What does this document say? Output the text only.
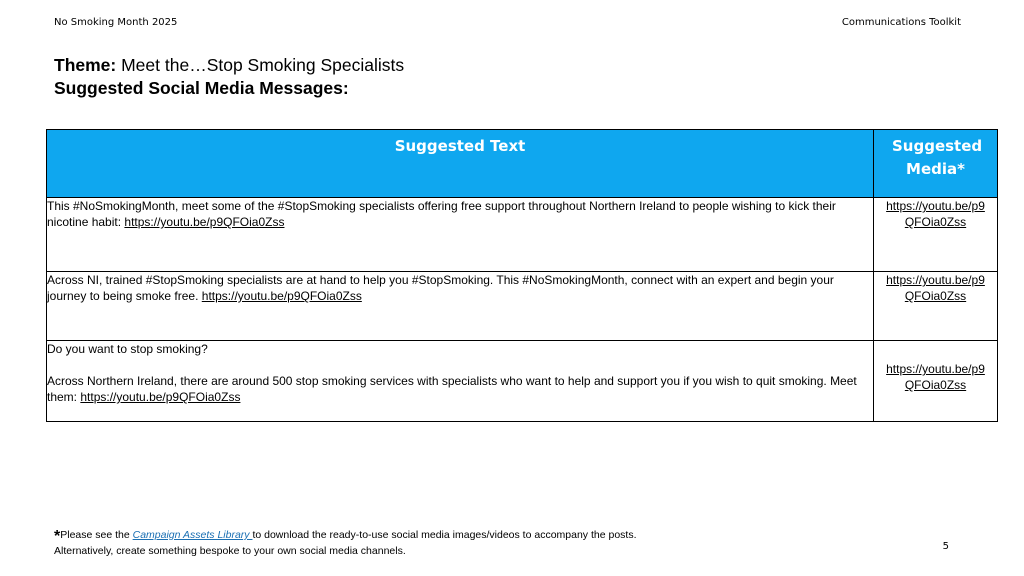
No Smoking Month 2025	Communications Toolkit
Theme: Meet the…Stop Smoking Specialists
Suggested Social Media Messages:
Suggested Text	Suggested
Media*

This #NoSmokingMonth, meet some of the #StopSmoking specialists offering free support throughout Northern Ireland to people wishing to kick their nicotine habit: https://youtu.be/p9QFOia0Zss	https://youtu.be/p9
QFOia0Zss
Across NI, trained #StopSmoking specialists are at hand to help you #StopSmoking. This #NoSmokingMonth, connect with an expert and begin your journey to being smoke free. https://youtu.be/p9QFOia0Zss	https://youtu.be/p9
QFOia0Zss

Do you want to stop smoking?
Across Northern Ireland, there are around 500 stop smoking services with specialists who want to help and support you if you wish to quit smoking. Meet them: https://youtu.be/p9QFOia0Zss	https://youtu.be/p9
QFOia0Zss
*Please see the Campaign Assets Library to download the ready-to-use social media images/videos to accompany the posts.
Alternatively, create something bespoke to your own social media channels.	5
